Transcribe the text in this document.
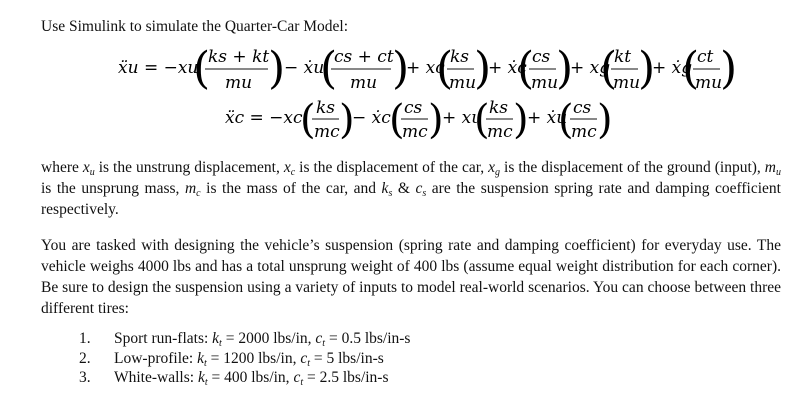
Use Simulink to simulate the Quarter-Car Model:
ẍu = −xu
(
ks + kt
mu )
− ẋu
(
cs + ct
mu )
+ xc
(
ks
mu
)
+ ẋc
(
cs
mu
)
+ xg
(
kt
mu
)
+ ẋg
(
ct
mu
)
ẍc = −xc
( ks
mc )
− ẋc
( cs
mc )
+ xu
( ks
mc )
+ ẋu
( cs
mc )
where $x_u$ is the unstrung displacement, $x_c$ is the displacement of the car, $x_g$ is the displacement of the ground (input), $m_u$ is the unsprung mass, $m_c$ is the mass of the car, and $k_s$ & $c_s$ are the suspension spring rate and damping coefficient respectively.
You are tasked with designing the vehicle’s suspension (spring rate and damping coefficient) for everyday use. The vehicle weighs 4000 lbs and has a total unsprung weight of 400 lbs (assume equal weight distribution for each corner). Be sure to design the suspension using a variety of inputs to model real-world scenarios. You can choose between three different tires:
1.	Sport run-flats: $k_t = 2000$ lbs/in, $c_t = 0.5$ lbs/in-s
2.	Low-profile: $k_t = 1200$ lbs/in, $c_t = 5$ lbs/in-s
3.	White-walls: $k_t = 400$ lbs/in, $c_t = 2.5$ lbs/in-s
